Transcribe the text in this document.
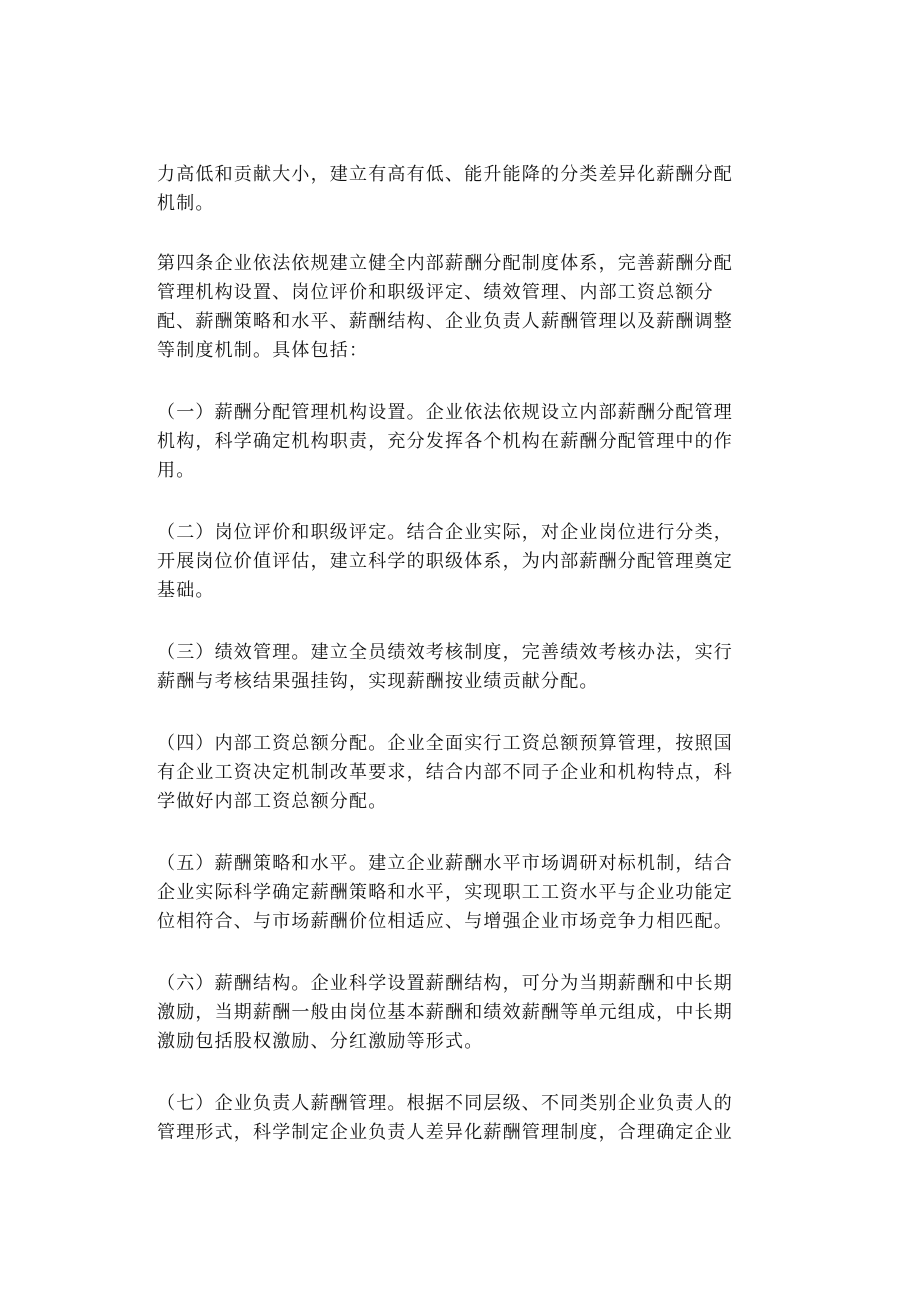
力高低和贡献大小，建立有高有低、能升能降的分类差异化薪酬分配
机制。

第四条企业依法依规建立健全内部薪酬分配制度体系，完善薪酬分配
管理机构设置、岗位评价和职级评定、绩效管理、内部工资总额分
配、薪酬策略和水平、薪酬结构、企业负责人薪酬管理以及薪酬调整
等制度机制。具体包括：

（一）薪酬分配管理机构设置。企业依法依规设立内部薪酬分配管理
机构，科学确定机构职责，充分发挥各个机构在薪酬分配管理中的作
用。

（二）岗位评价和职级评定。结合企业实际，对企业岗位进行分类，
开展岗位价值评估，建立科学的职级体系，为内部薪酬分配管理奠定
基础。

（三）绩效管理。建立全员绩效考核制度，完善绩效考核办法，实行
薪酬与考核结果强挂钩，实现薪酬按业绩贡献分配。

（四）内部工资总额分配。企业全面实行工资总额预算管理，按照国
有企业工资决定机制改革要求，结合内部不同子企业和机构特点，科
学做好内部工资总额分配。

（五）薪酬策略和水平。建立企业薪酬水平市场调研对标机制，结合
企业实际科学确定薪酬策略和水平，实现职工工资水平与企业功能定
位相符合、与市场薪酬价位相适应、与增强企业市场竞争力相匹配。

（六）薪酬结构。企业科学设置薪酬结构，可分为当期薪酬和中长期
激励，当期薪酬一般由岗位基本薪酬和绩效薪酬等单元组成，中长期
激励包括股权激励、分红激励等形式。

（七）企业负责人薪酬管理。根据不同层级、不同类别企业负责人的
管理形式，科学制定企业负责人差异化薪酬管理制度，合理确定企业
